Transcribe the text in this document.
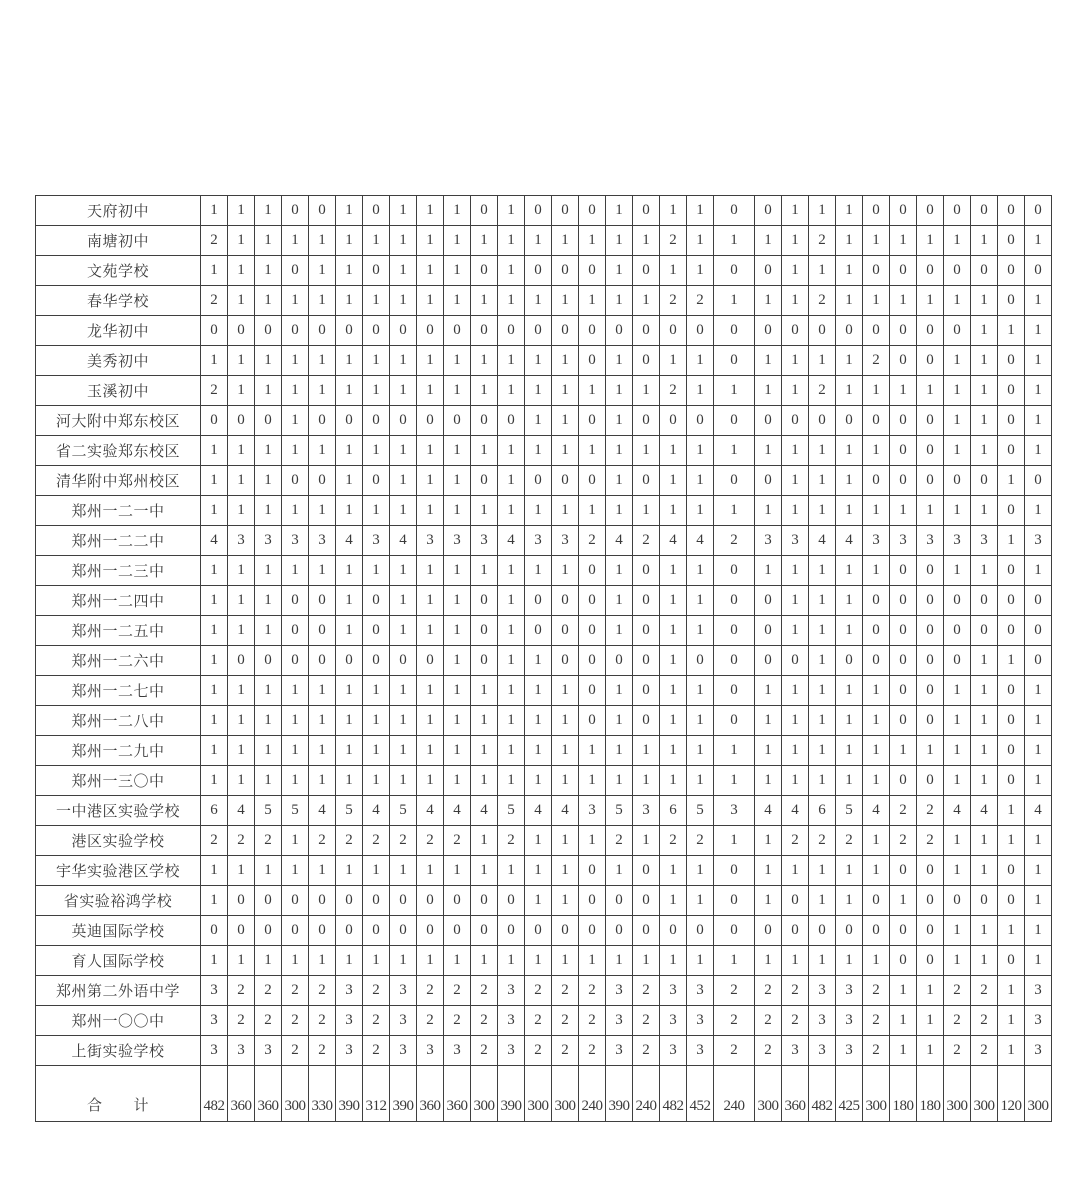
天府初中	1	1	1	0	0	1	0	1	1	1	0	1	0	0	0	1	0	1	1	0	0	1	1	1	0	0	0	0	0	0	0
南塘初中	2	1	1	1	1	1	1	1	1	1	1	1	1	1	1	1	1	2	1	1	1	1	2	1	1	1	1	1	1	0	1
文苑学校	1	1	1	0	1	1	0	1	1	1	0	1	0	0	0	1	0	1	1	0	0	1	1	1	0	0	0	0	0	0	0
春华学校	2	1	1	1	1	1	1	1	1	1	1	1	1	1	1	1	1	2	2	1	1	1	2	1	1	1	1	1	1	0	1
龙华初中	0	0	0	0	0	0	0	0	0	0	0	0	0	0	0	0	0	0	0	0	0	0	0	0	0	0	0	0	1	1	1
美秀初中	1	1	1	1	1	1	1	1	1	1	1	1	1	1	0	1	0	1	1	0	1	1	1	1	2	0	0	1	1	0	1
玉溪初中	2	1	1	1	1	1	1	1	1	1	1	1	1	1	1	1	1	2	1	1	1	1	2	1	1	1	1	1	1	0	1
河大附中郑东校区	0	0	0	1	0	0	0	0	0	0	0	0	1	1	0	1	0	0	0	0	0	0	0	0	0	0	0	1	1	0	1
省二实验郑东校区	1	1	1	1	1	1	1	1	1	1	1	1	1	1	1	1	1	1	1	1	1	1	1	1	1	0	0	1	1	0	1
清华附中郑州校区	1	1	1	0	0	1	0	1	1	1	0	1	0	0	0	1	0	1	1	0	0	1	1	1	0	0	0	0	0	1	0
郑州一二一中	1	1	1	1	1	1	1	1	1	1	1	1	1	1	1	1	1	1	1	1	1	1	1	1	1	1	1	1	1	0	1
郑州一二二中	4	3	3	3	3	4	3	4	3	3	3	4	3	3	2	4	2	4	4	2	3	3	4	4	3	3	3	3	3	1	3
郑州一二三中	1	1	1	1	1	1	1	1	1	1	1	1	1	1	0	1	0	1	1	0	1	1	1	1	1	0	0	1	1	0	1
郑州一二四中	1	1	1	0	0	1	0	1	1	1	0	1	0	0	0	1	0	1	1	0	0	1	1	1	0	0	0	0	0	0	0
郑州一二五中	1	1	1	0	0	1	0	1	1	1	0	1	0	0	0	1	0	1	1	0	0	1	1	1	0	0	0	0	0	0	0
郑州一二六中	1	0	0	0	0	0	0	0	0	1	0	1	1	0	0	0	0	1	0	0	0	0	1	0	0	0	0	0	1	1	0
郑州一二七中	1	1	1	1	1	1	1	1	1	1	1	1	1	1	0	1	0	1	1	0	1	1	1	1	1	0	0	1	1	0	1
郑州一二八中	1	1	1	1	1	1	1	1	1	1	1	1	1	1	0	1	0	1	1	0	1	1	1	1	1	0	0	1	1	0	1
郑州一二九中	1	1	1	1	1	1	1	1	1	1	1	1	1	1	1	1	1	1	1	1	1	1	1	1	1	1	1	1	1	0	1
郑州一三〇中	1	1	1	1	1	1	1	1	1	1	1	1	1	1	1	1	1	1	1	1	1	1	1	1	1	0	0	1	1	0	1
一中港区实验学校	6	4	5	5	4	5	4	5	4	4	4	5	4	4	3	5	3	6	5	3	4	4	6	5	4	2	2	4	4	1	4
港区实验学校	2	2	2	1	2	2	2	2	2	2	1	2	1	1	1	2	1	2	2	1	1	2	2	2	1	2	2	1	1	1	1
宇华实验港区学校	1	1	1	1	1	1	1	1	1	1	1	1	1	1	0	1	0	1	1	0	1	1	1	1	1	0	0	1	1	0	1
省实验裕鸿学校	1	0	0	0	0	0	0	0	0	0	0	0	1	1	0	0	0	1	1	0	1	0	1	1	0	1	0	0	0	0	1
英迪国际学校	0	0	0	0	0	0	0	0	0	0	0	0	0	0	0	0	0	0	0	0	0	0	0	0	0	0	0	1	1	1	1
育人国际学校	1	1	1	1	1	1	1	1	1	1	1	1	1	1	1	1	1	1	1	1	1	1	1	1	1	0	0	1	1	0	1
郑州第二外语中学	3	2	2	2	2	3	2	3	2	2	2	3	2	2	2	3	2	3	3	2	2	2	3	3	2	1	1	2	2	1	3
郑州一〇〇中	3	2	2	2	2	3	2	3	2	2	2	3	2	2	2	3	2	3	3	2	2	2	3	3	2	1	1	2	2	1	3
上街实验学校	3	3	3	2	2	3	2	3	3	3	2	3	2	2	2	3	2	3	3	2	2	3	3	3	2	1	1	2	2	1	3
合　　计	482	360	360	300	330	390	312	390	360	360	300	390	300	300	240	390	240	482	452	240	300	360	482	425	300	180	180	300	300	120	300
